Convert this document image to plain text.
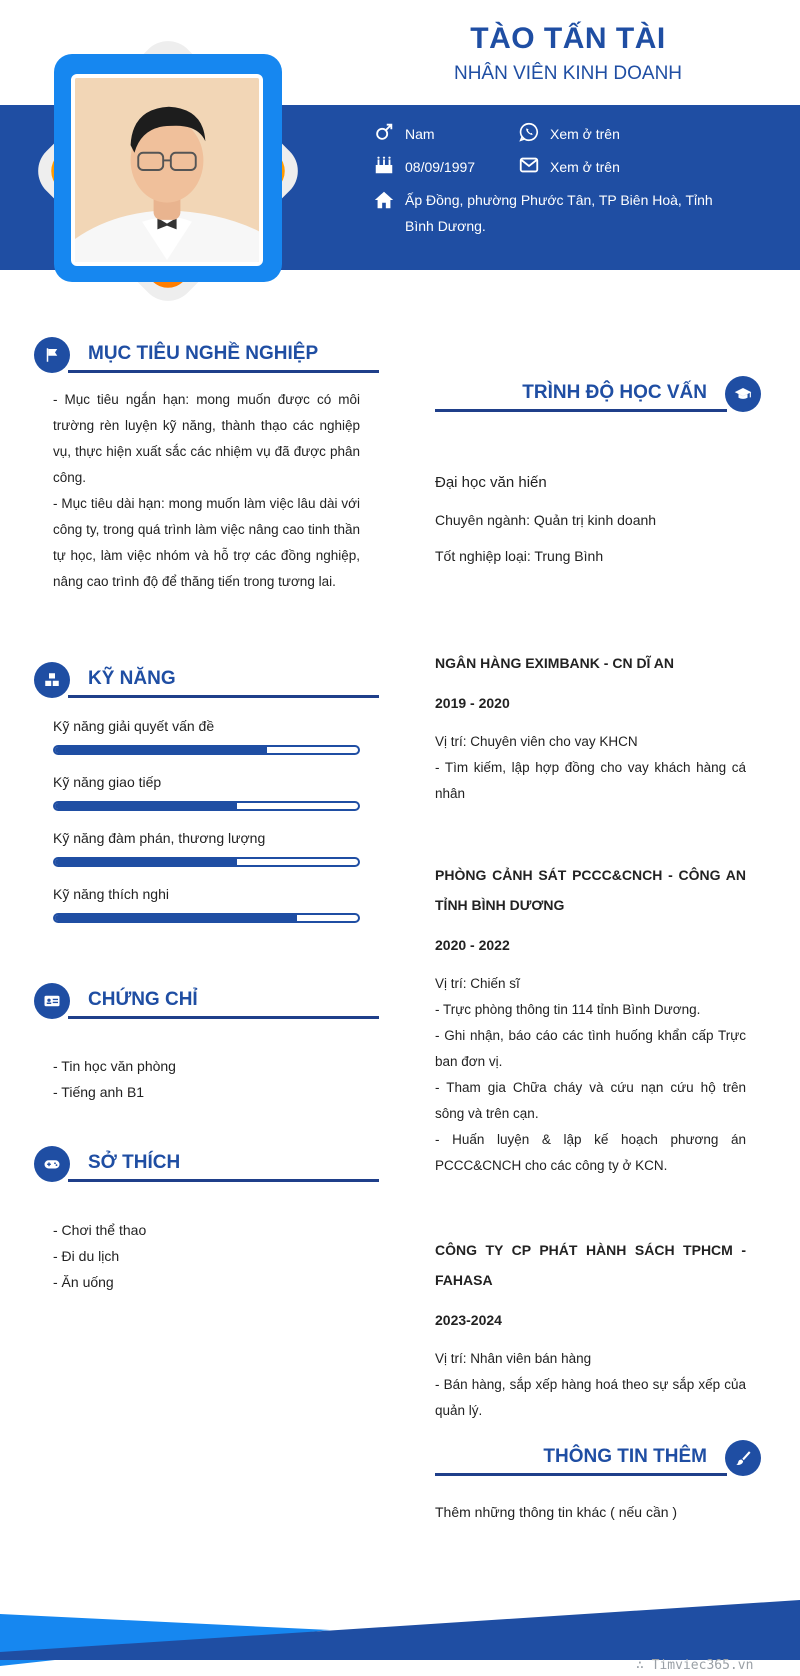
TÀO TẤN TÀI
NHÂN VIÊN KINH DOANH
Nam	Xem ở trên
08/09/1997	Xem ở trên
Ấp Đồng, phường Phước Tân, TP Biên Hoà, Tỉnh Bình Dương.
MỤC TIÊU NGHỀ NGHIỆP

- Mục tiêu ngắn hạn: mong muốn được có môi trường rèn luyện kỹ năng, thành thạo các nghiệp vụ, thực hiện xuất sắc các nhiệm vụ đã được phân công.

- Mục tiêu dài hạn: mong muốn làm việc lâu dài với công ty, trong quá trình làm việc nâng cao tinh thần tự học, làm việc nhóm và hỗ trợ các đồng nghiệp, nâng cao trình độ để thăng tiến trong tương lai.

KỸ NĂNG
Kỹ năng giải quyết vấn đề
Kỹ năng giao tiếp
Kỹ năng đàm phán, thương lượng
Kỹ năng thích nghi
CHỨNG CHỈ
- Tin học văn phòng
- Tiếng anh B1
SỞ THÍCH
- Chơi thể thao
- Đi du lịch
- Ăn uống
TRÌNH ĐỘ HỌC VẤN
Đại học văn hiến
Chuyên ngành: Quản trị kinh doanh
Tốt nghiệp loại: Trung Bình
NGÂN HÀNG EXIMBANK - CN DĨ AN
2019 - 2020

Vị trí: Chuyên viên cho vay KHCN

- Tìm kiếm, lập hợp đồng cho vay khách hàng cá nhân

PHÒNG CẢNH SÁT PCCC&CNCH - CÔNG AN TỈNH BÌNH DƯƠNG
2020 - 2022

Vị trí: Chiến sĩ

- Trực phòng thông tin 114 tỉnh Bình Dương.

- Ghi nhận, báo cáo các tình huống khẩn cấp Trực ban đơn vị.

- Tham gia Chữa cháy và cứu nạn cứu hộ trên sông và trên cạn.

- Huấn luyện & lập kế hoạch phương án PCCC&CNCH cho các công ty ở KCN.

CÔNG TY CP PHÁT HÀNH SÁCH TPHCM - FAHASA
2023-2024

Vị trí: Nhân viên bán hàng

- Bán hàng, sắp xếp hàng hoá theo sự sắp xếp của quản lý.

THÔNG TIN THÊM
Thêm những thông tin khác ( nếu cần )
∴ Timviec365.vn
